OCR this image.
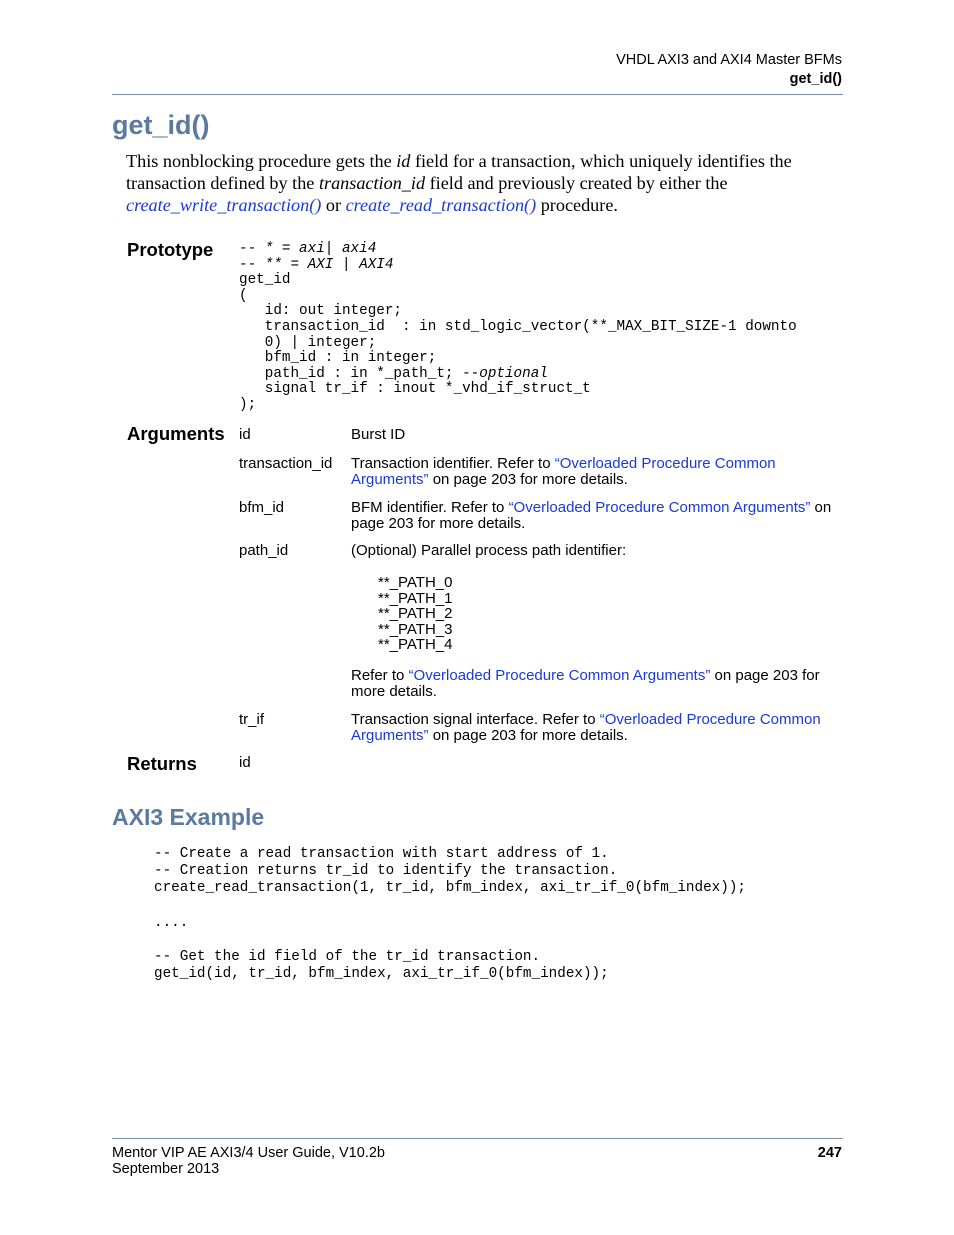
VHDL AXI3 and AXI4 Master BFMs
get_id()
get_id()
This nonblocking procedure gets the id field for a transaction, which uniquely identifies the transaction defined by the transaction_id field and previously created by either the create_write_transaction() or create_read_transaction() procedure.
Prototype -- * = axi| axi4
-- ** = AXI | AXI4
get_id
(
id: out integer;
transaction_id  : in std_logic_vector(**_MAX_BIT_SIZE-1 downto
0) | integer;
bfm_id : in integer;
path_id : in *_path_t; --optional
signal tr_if : inout *_vhd_if_struct_t
);
Arguments id	Burst ID
transaction_id Transaction identifier. Refer to “Overloaded Procedure Common Arguments” on page 203 for more details.
bfm_id	BFM identifier. Refer to “Overloaded Procedure Common Arguments” on page 203 for more details.
path_id	(Optional) Parallel process path identifier:
**_PATH_0
**_PATH_1
**_PATH_2
**_PATH_3
**_PATH_4
Refer to “Overloaded Procedure Common Arguments” on page 203 for more details.
tr_if	Transaction signal interface. Refer to “Overloaded Procedure Common Arguments” on page 203 for more details.
Returns	id
AXI3 Example
-- Create a read transaction with start address of 1.
-- Creation returns tr_id to identify the transaction.
create_read_transaction(1, tr_id, bfm_index, axi_tr_if_0(bfm_index));
....
-- Get the id field of the tr_id transaction.
get_id(id, tr_id, bfm_index, axi_tr_if_0(bfm_index));
Mentor VIP AE AXI3/4 User Guide, V10.2b
September 2013
247
